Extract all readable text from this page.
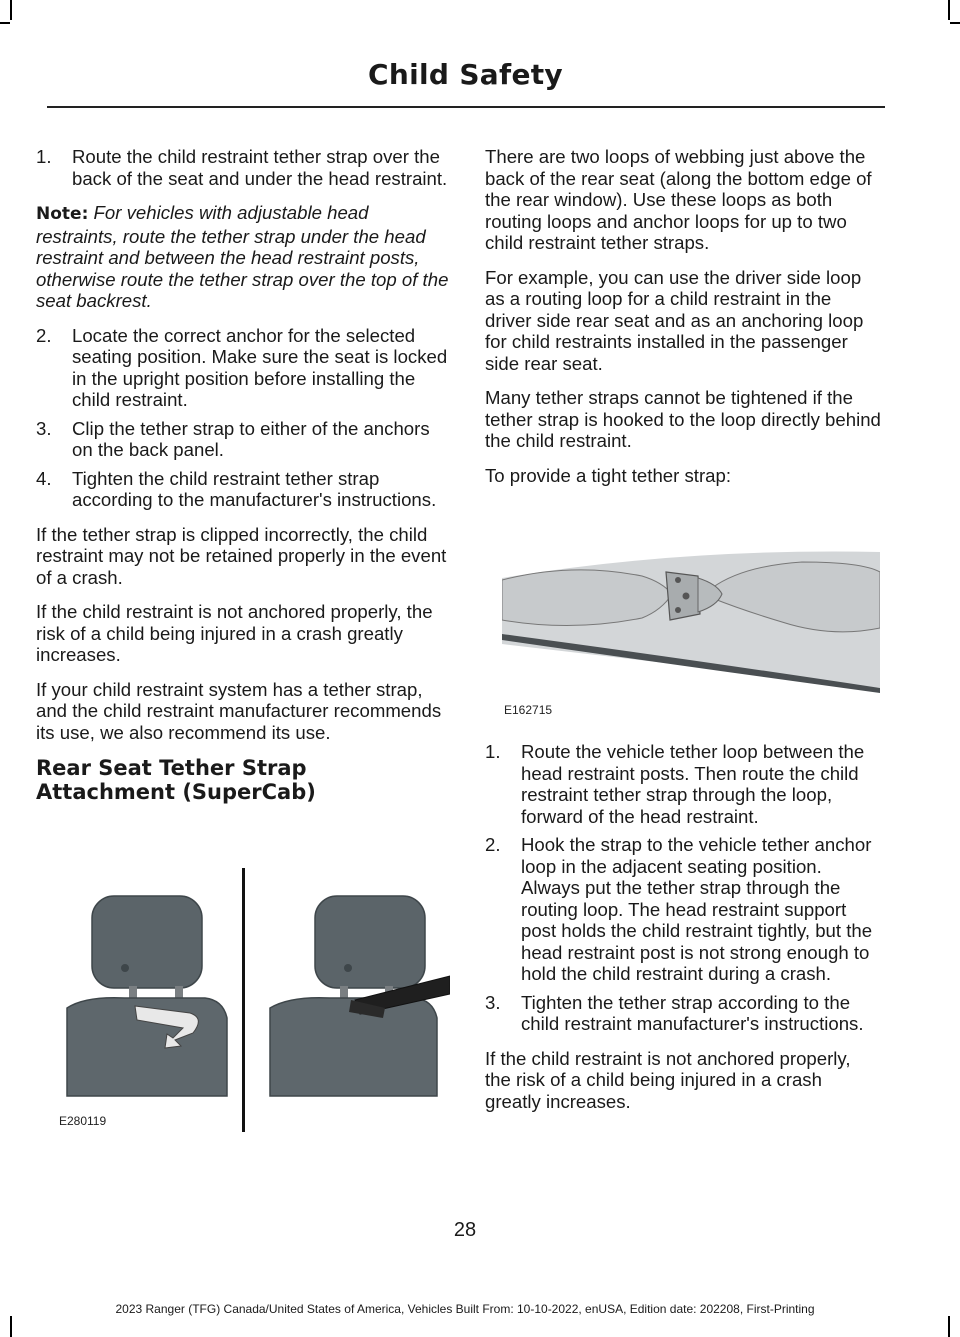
Child Safety
1. Route the child restraint tether strap over the back of the seat and under the head restraint.

Note: For vehicles with adjustable head restraints, route the tether strap under the head restraint and between the head restraint posts, otherwise route the tether strap over the top of the seat backrest.

2. Locate the correct anchor for the selected seating position. Make sure the seat is locked in the upright position before installing the child restraint.
3. Clip the tether strap to either of the anchors on the back panel.
4. Tighten the child restraint tether strap according to the manufacturer's instructions.

If the tether strap is clipped incorrectly, the child restraint may not be retained properly in the event of a crash.

If the child restraint is not anchored properly, the risk of a child being injured in a crash greatly increases.

If your child restraint system has a tether strap, and the child restraint manufacturer recommends its use, we also recommend its use.

Rear Seat Tether Strap Attachment (SuperCab)
E280119

There are two loops of webbing just above the back of the rear seat (along the bottom edge of the rear window). Use these loops as both routing loops and anchor loops for up to two child restraint tether straps.

For example, you can use the driver side loop as a routing loop for a child restraint in the driver side rear seat and as an anchoring loop for child restraints installed in the passenger side rear seat.

Many tether straps cannot be tightened if the tether strap is hooked to the loop directly behind the child restraint.

To provide a tight tether strap:

E162715
1. Route the vehicle tether loop between the head restraint posts. Then route the child restraint tether strap through the loop, forward of the head restraint.
2. Hook the strap to the vehicle tether anchor loop in the adjacent seating position. Always put the tether strap through the routing loop. The head restraint support post holds the child restraint tightly, but the head restraint post is not strong enough to hold the child restraint during a crash.
3. Tighten the tether strap according to the child restraint manufacturer's instructions.

If the child restraint is not anchored properly, the risk of a child being injured in a crash greatly increases.

28
2023 Ranger (TFG) Canada/United States of America, Vehicles Built From: 10-10-2022, enUSA, Edition date: 202208, First-Printing
